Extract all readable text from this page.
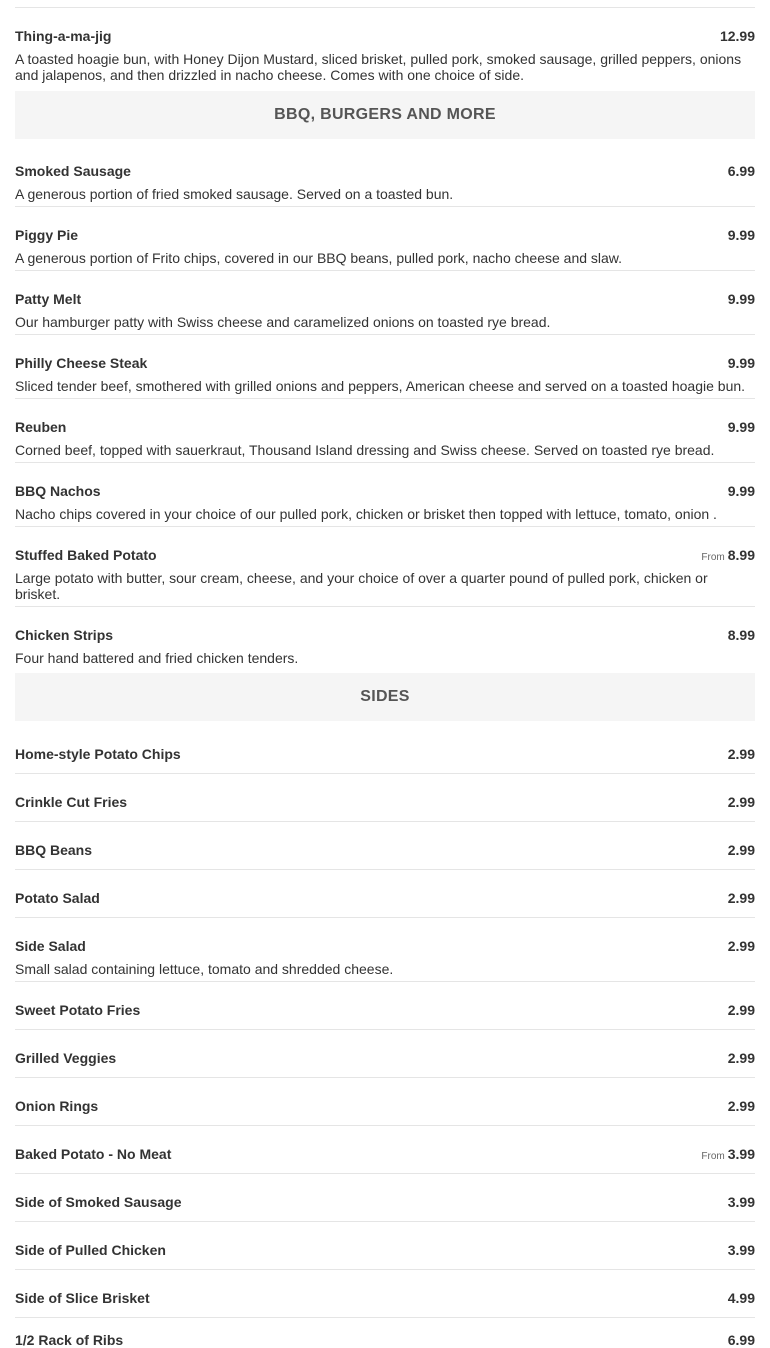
Thing-a-ma-jig	12.99
A toasted hoagie bun, with Honey Dijon Mustard, sliced brisket, pulled pork, smoked sausage, grilled peppers, onions and jalapenos, and then drizzled in nacho cheese. Comes with one choice of side.
BBQ, BURGERS AND MORE
Smoked Sausage	6.99
A generous portion of fried smoked sausage. Served on a toasted bun.
Piggy Pie	9.99
A generous portion of Frito chips, covered in our BBQ beans, pulled pork, nacho cheese and slaw.
Patty Melt	9.99
Our hamburger patty with Swiss cheese and caramelized onions on toasted rye bread.
Philly Cheese Steak	9.99
Sliced tender beef, smothered with grilled onions and peppers, American cheese and served on a toasted hoagie bun.
Reuben	9.99
Corned beef, topped with sauerkraut, Thousand Island dressing and Swiss cheese. Served on toasted rye bread.
BBQ Nachos	9.99
Nacho chips covered in your choice of our pulled pork, chicken or brisket then topped with lettuce, tomato, onion .
Stuffed Baked Potato	From 8.99
Large potato with butter, sour cream, cheese, and your choice of over a quarter pound of pulled pork, chicken or brisket.
Chicken Strips	8.99
Four hand battered and fried chicken tenders.
SIDES
Home-style Potato Chips	2.99
Crinkle Cut Fries	2.99
BBQ Beans	2.99
Potato Salad	2.99
Side Salad	2.99
Small salad containing lettuce, tomato and shredded cheese.
Sweet Potato Fries	2.99
Grilled Veggies	2.99
Onion Rings	2.99
Baked Potato - No Meat	From 3.99
Side of Smoked Sausage	3.99
Side of Pulled Chicken	3.99
Side of Slice Brisket	4.99
1/2 Rack of Ribs	6.99
